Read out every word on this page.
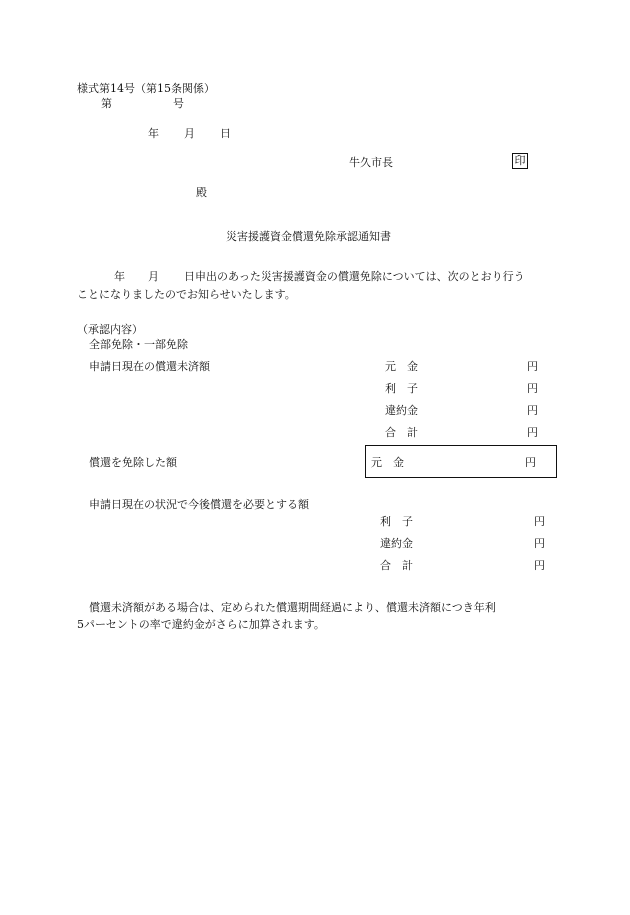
様式第14号（第15条関係）
第	号
年 月 日
牛久市長	印
殿
災害援護資金償還免除承認通知書
年 月 日申出のあった災害援護資金の償還免除については、次のとおり行う
ことになりましたのでお知らせいたします。
（承認内容）
全部免除・一部免除
申請日現在の償還未済額	元　金	円
利　子	円
違約金	円
合　計	円
償還を免除した額	元　金	円
申請日現在の状況で今後償還を必要とする額
利　子	円
違約金	円
合　計	円
償還未済額がある場合は、定められた償還期間経過により、償還未済額につき年利
5パーセントの率で違約金がさらに加算されます。
